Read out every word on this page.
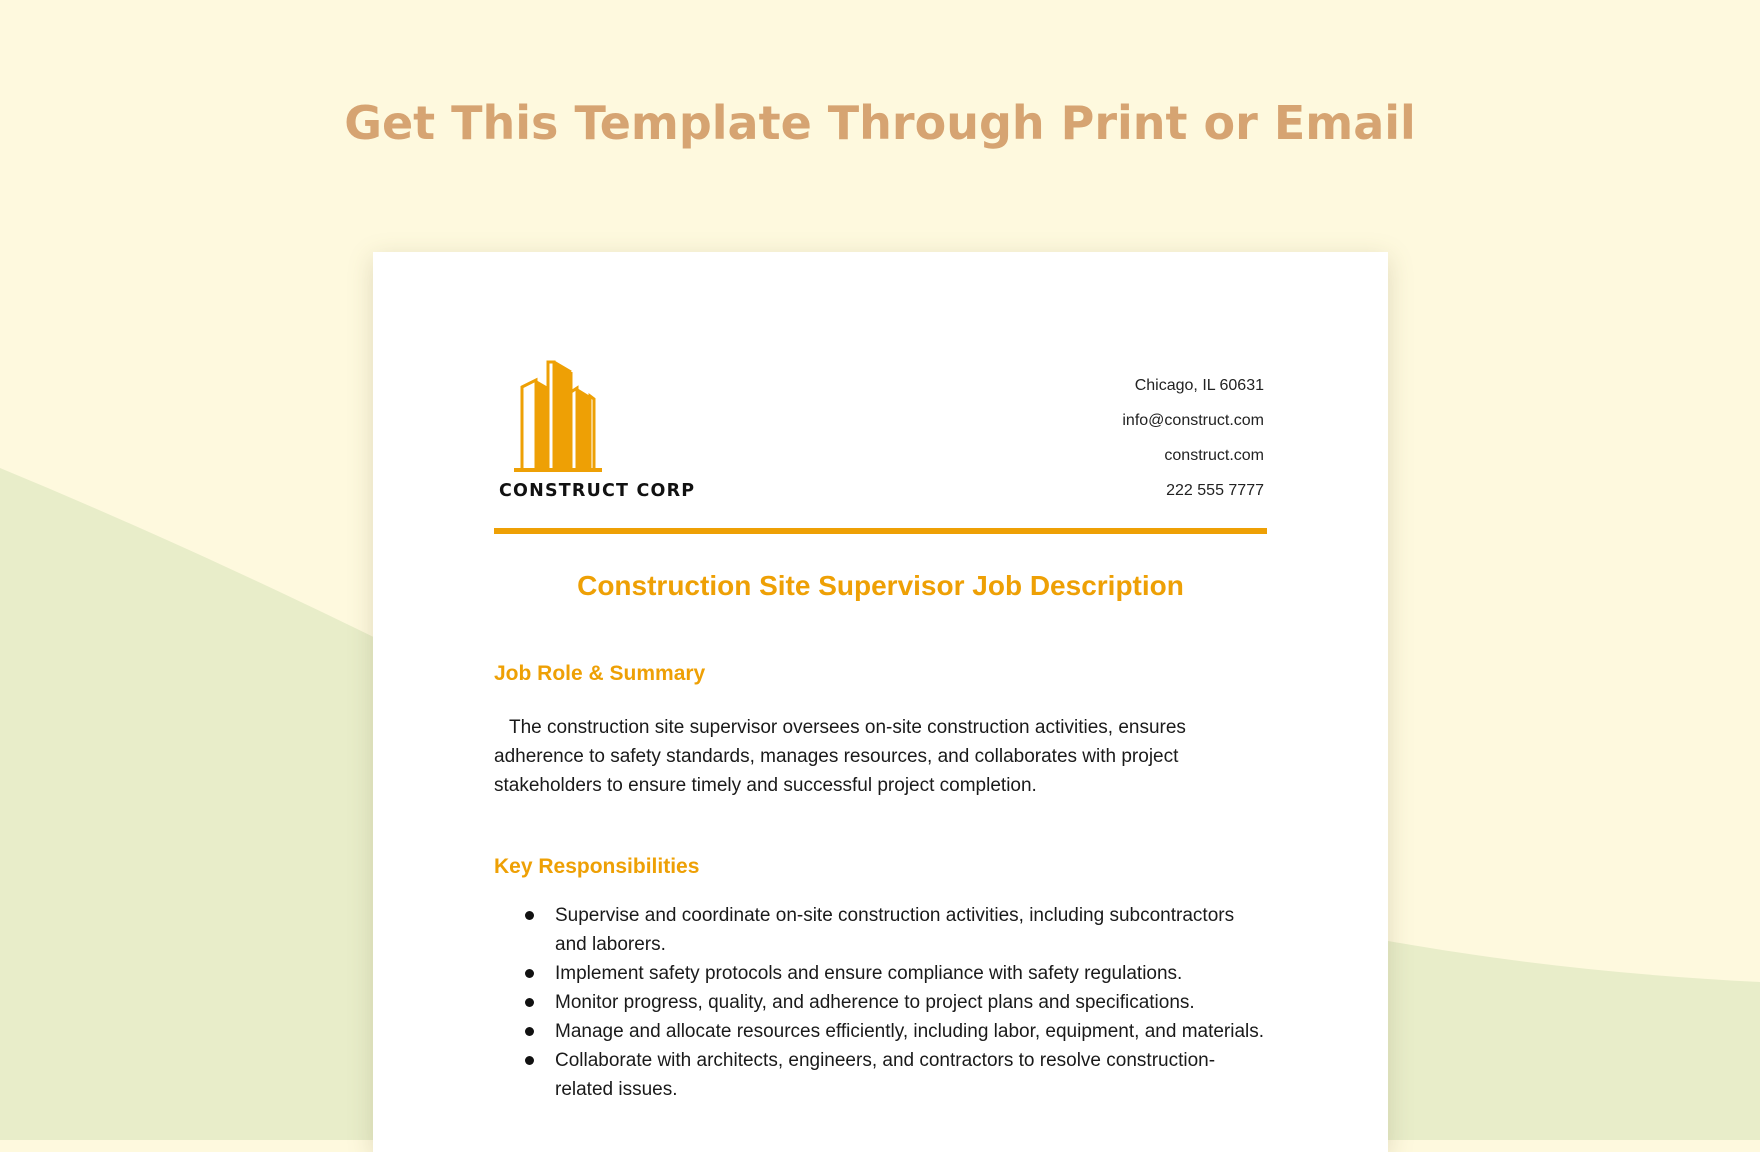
Get This Template Through Print or Email
CONSTRUCT CORP
Chicago, IL 60631
info@construct.com
construct.com
222 555 7777
Construction Site Supervisor Job Description
Job Role & Summary

The construction site supervisor oversees on-site construction activities, ensures adherence to safety standards, manages resources, and collaborates with project stakeholders to ensure timely and successful project completion.

Key Responsibilities
Supervise and coordinate on-site construction activities, including subcontractors and laborers.
Implement safety protocols and ensure compliance with safety regulations.
Monitor progress, quality, and adherence to project plans and specifications.
Manage and allocate resources efficiently, including labor, equipment, and materials.
Collaborate with architects, engineers, and contractors to resolve construction-related issues.
